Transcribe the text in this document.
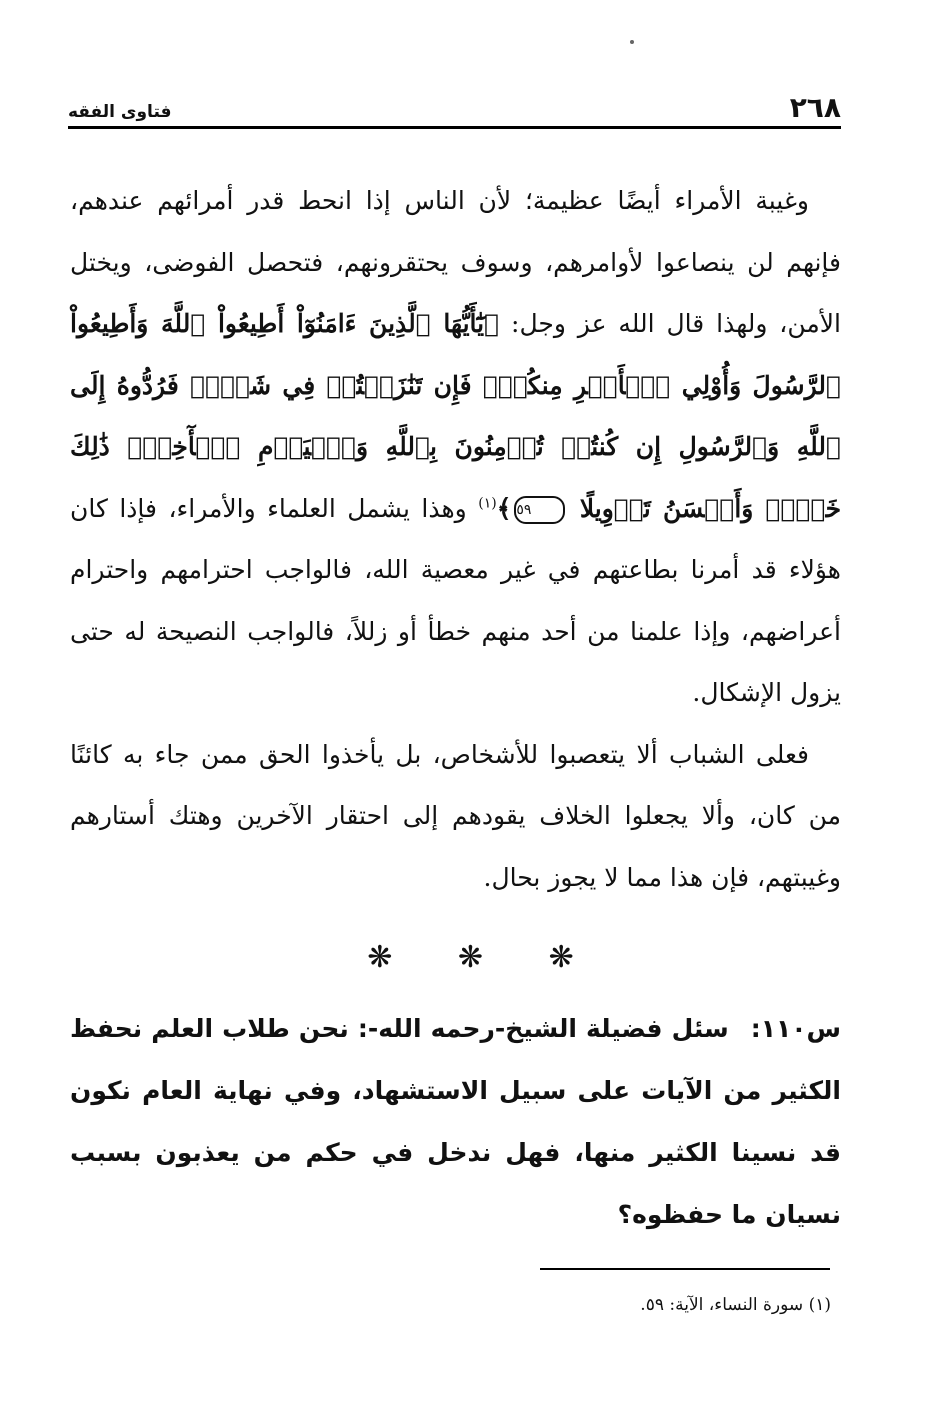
٢٦٨
فتاوى الفقه

وغيبة الأمراء أيضًا عظيمة؛ لأن الناس إذا انحط قدر أمرائهم عندهم، فإنهم لن ينصاعوا لأوامرهم، وسوف يحتقرونهم، فتحصل الفوضى، ويختل الأمن، ولهذا قال الله عز وجل: ﴿يَٰٓأَيُّهَا ٱلَّذِينَ ءَامَنُوٓاْ أَطِيعُواْ ٱللَّهَ وَأَطِيعُواْ ٱلرَّسُولَ وَأُوْلِي ٱلۡأَمۡرِ مِنكُمۡۖ فَإِن تَنَٰزَعۡتُمۡ فِي شَيۡءٖ فَرُدُّوهُ إِلَى ٱللَّهِ وَٱلرَّسُولِ إِن كُنتُمۡ تُؤۡمِنُونَ بِٱللَّهِ وَٱلۡيَوۡمِ ٱلۡأٓخِرِۚ ذَٰلِكَ خَيۡرٞ وَأَحۡسَنُ تَأۡوِيلًا ٥٩﴾$^{(١)}$ وهذا يشمل العلماء والأمراء، فإذا كان هؤلاء قد أمرنا بطاعتهم في غير معصية الله، فالواجب احترامهم واحترام أعراضهم، وإذا علمنا من أحد منهم خطأ أو زللاً، فالواجب النصيحة له حتى يزول الإشكال.

فعلى الشباب ألا يتعصبوا للأشخاص، بل يأخذوا الحق ممن جاء به كائنًا من كان، وألا يجعلوا الخلاف يقودهم إلى احتقار الآخرين وهتك أستارهم وغيبتهم، فإن هذا مما لا يجوز بحال.

❋ ❋ ❋

س١١٠:سئل فضيلة الشيخ-رحمه الله-: نحن طلاب العلم نحفظ الكثير من الآيات على سبيل الاستشهاد، وفي نهاية العام نكون قد نسينا الكثير منها، فهل ندخل في حكم من يعذبون بسبب نسيان ما حفظوه؟

(١) سورة النساء، الآية: ٥٩.
